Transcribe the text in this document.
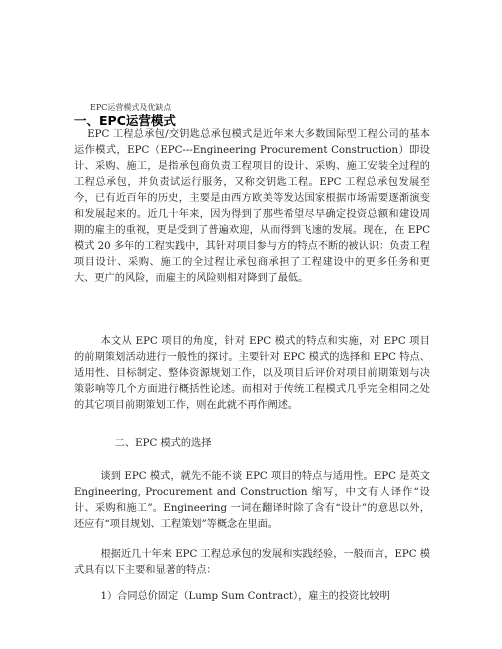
EPC运营模式及优缺点
一、EPC运营模式

EPC 工程总承包/交钥匙总承包模式是近年来大多数国际型工程公司的基本运作模式，EPC（EPC---Engineering Procurement Construction）即设计、采购、施工，是指承包商负责工程项目的设计、采购、施工安装全过程的工程总承包，并负责试运行服务，又称交钥匙工程。EPC 工程总承包发展至今，已有近百年的历史，主要是由西方欧美等发达国家根据市场需要逐渐演变和发展起来的。近几十年来，因为得到了那些希望尽早确定投资总额和建设周期的雇主的重视，更是受到了普遍欢迎，从而得到飞速的发展。现在，在 EPC 模式 20 多年的工程实践中，其针对项目参与方的特点不断的被认识：负责工程项目设计、采购、施工的全过程让承包商承担了工程建设中的更多任务和更大、更广的风险，而雇主的风险则相对降到了最低。

本文从 EPC 项目的角度，针对 EPC 模式的特点和实施，对 EPC 项目的前期策划活动进行一般性的探讨。主要针对 EPC 模式的选择和 EPC 特点、适用性、目标制定、整体资源规划工作，以及项目后评价对项目前期策划与决策影响等几个方面进行概括性论述。而相对于传统工程模式几乎完全相同之处的其它项目前期策划工作，则在此就不再作阐述。

二、EPC 模式的选择

谈到 EPC 模式，就先不能不谈 EPC 项目的特点与适用性。EPC 是英文 Engineering, Procurement and Construction 缩写，中文有人译作“设计、采购和施工”。Engineering 一词在翻译时除了含有“设计”的意思以外，还应有“项目规划、工程策划”等概念在里面。

根据近几十年来 EPC 工程总承包的发展和实践经验，一般而言，EPC 模式具有以下主要和显著的特点：

1）合同总价固定（Lump Sum Contract），雇主的投资比较明
